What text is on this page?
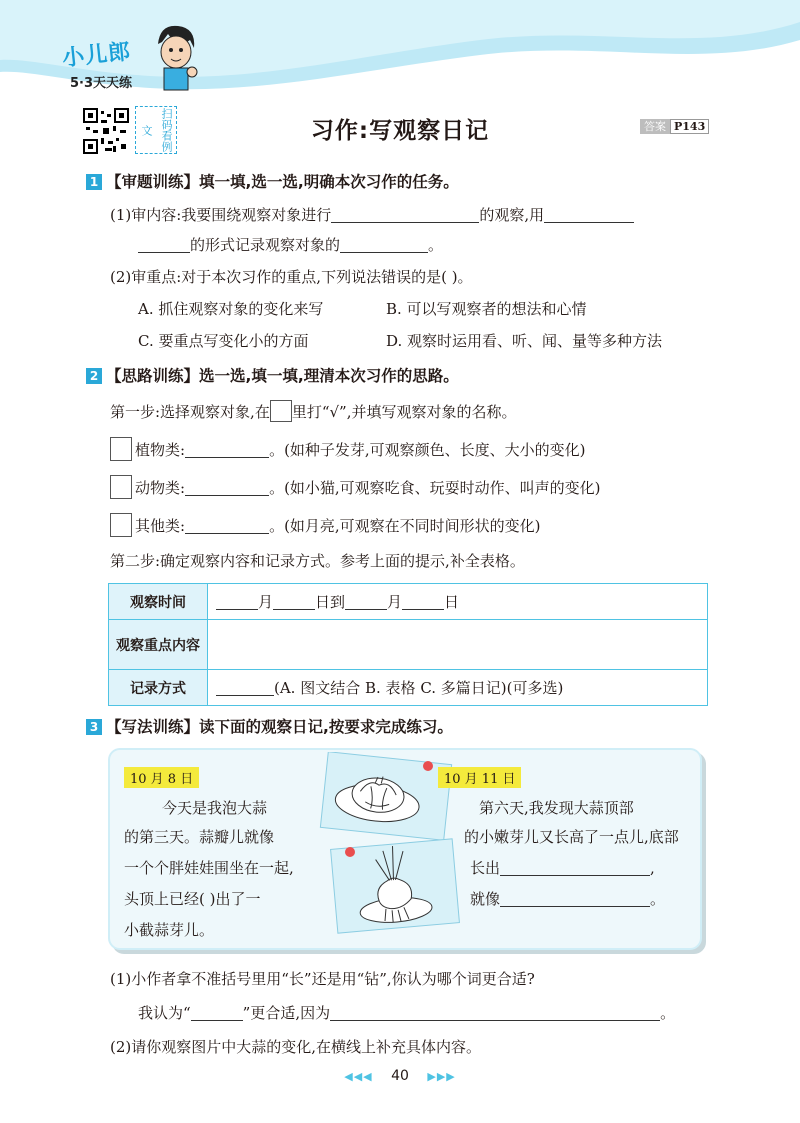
小儿郎
5·3天天练
扫码看例文	习作:写观察日记	答案 P143
1 【审题训练】填一填,选一选,明确本次习作的任务。
(1)审内容:我要围绕观察对象进行	的观察,用
的形式记录观察对象的	。
(2)审重点:对于本次习作的重点,下列说法错误的是( )。
A. 抓住观察对象的变化来写	B. 可以写观察者的想法和心情
C. 要重点写变化小的方面	D. 观察时运用看、听、闻、量等多种方法
2 【思路训练】选一选,填一填,理清本次习作的思路。
第一步:选择观察对象,在 里打“√”,并填写观察对象的名称。
植物类:	。(如种子发芽,可观察颜色、长度、大小的变化)
动物类:	。(如小猫,可观察吃食、玩耍时动作、叫声的变化)
其他类:	。(如月亮,可观察在不同时间形状的变化)
第二步:确定观察内容和记录方式。参考上面的提示,补全表格。
观察时间	月 日到 月 日
观察重点内容	
记录方式	(A. 图文结合 B. 表格 C. 多篇日记)(可多选)
3 【写法训练】读下面的观察日记,按要求完成练习。
10 月 8 日
今天是我泡大蒜
的第三天。蒜瓣儿就像
一个个胖娃娃围坐在一起,
头顶上已经( )出了一
小截蒜芽儿。
10 月 11 日
第六天,我发现大蒜顶部
的小嫩芽儿又长高了一点儿,底部
长出	,
就像	。
(1)小作者拿不准括号里用“长”还是用“钻”,你认为哪个词更合适?
我认为“	”更合适,因为	。
(2)请你观察图片中大蒜的变化,在横线上补充具体内容。
◀◀◀ 40 ▶▶▶
